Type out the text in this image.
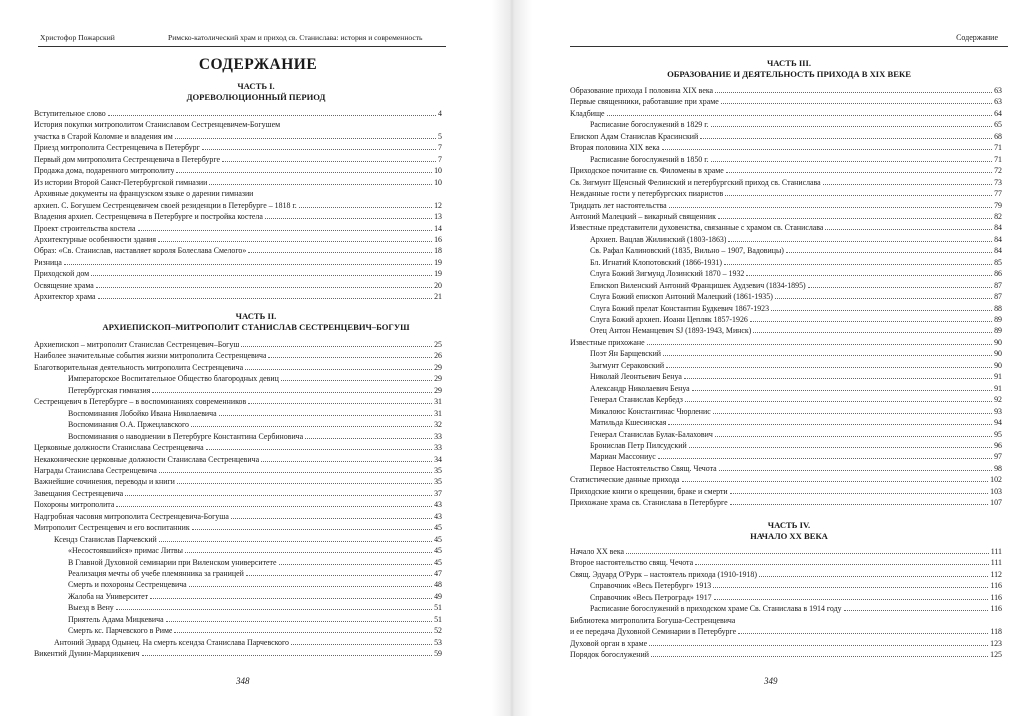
Христофор Пожарский	Римско-католический храм и приход св. Станислава: история и современность
СОДЕРЖАНИЕ
ЧАСТЬ I.
ДОРЕВОЛЮЦИОННЫЙ ПЕРИОД
Вступительное слово	4
История покупки митрополитом Станиславом Сестренцевичем-Богушем
участка в Старой Коломне и владения им	5
Приезд митрополита Сестренцевича в Петербург	7
Первый дом митрополита Сестренцевича в Петербурге	7
Продажа дома, подаренного митрополиту	10
Из истории Второй Санкт-Петербургской гимназии	10
Архивные документы на французском языке о дарении гимназии
архиеп. С. Богушем Сестренцевичем своей резиденции в Петербурге – 1818 г.	12
Владения архиеп. Сестренцевича в Петербурге и постройка костела	13
Проект строительства костела	14
Архитектурные особенности здания	16
Образ: «Св. Станислав, наставляет короля Болеслава Смелого»	18
Ризница	19
Приходской дом	19
Освящение храма	20
Архитектор храма	21
ЧАСТЬ II.
АРХИЕПИСКОП–МИТРОПОЛИТ СТАНИСЛАВ СЕСТРЕНЦЕВИЧ–БОГУШ
Архиепископ – митрополит Станислав Сестренцевич–Богуш	25
Наиболее значительные события жизни митрополита Сестренцевича	26
Благотворительная деятельность митрополита Сестренцевича	29
Императорское Воспитательное Общество благородных девиц	29
Петербургская гимназия	29
Сестренцевич в Петербурге – в воспоминаниях современников	31
Воспоминания Лобойко Ивана Николаевича	31
Воспоминания О.А. Пржецлавского	32
Воспоминания о наводнении в Петербурге Константина Сербиновича	33
Церковные должности Станислава Сестренцевича	33
Некаконические церковные должности Станислава Сестренцевича	34
Награды Станислава Сестренцевича	35
Важнейшие сочинения, переводы и книги	35
Завещания Сестренцевича	37
Похороны митрополита	43
Надгробная часовня митрополита Сестренцевича-Богуша	43
Митрополит Сестренцевич и его воспитанник	45
Ксендз Станислав Парчевский	45
«Несостоявшийся» примас Литвы	45
В Главной Духовной семинарии при Виленском университете	45
Реализация мечты об учебе племянника за границей	47
Смерть и похороны Сестренцевича	48
Жалоба на Университет	49
Выезд в Вену	51
Приятель Адама Мицкевича	51
Смерть кс. Парчевского в Риме	52
Антоний Эдвард Одынец. На смерть ксендза Станислава Парчевского	53
Викентий Дунин-Марцинкевич	59
348
Содержание
ЧАСТЬ III.
ОБРАЗОВАНИЕ И ДЕЯТЕЛЬНОСТЬ ПРИХОДА В XIX ВЕКЕ
Образование прихода I половина XIX века	63
Первые священники, работавшие при храме	63
Кладбище	64
Расписание богослужений в 1829 г.	65
Епископ Адам Станислав Красинский	68
Вторая половина XIX века	71
Расписание богослужений в 1850 г.	71
Приходское почитание св. Филомены в храме	72
Св. Зигмунт Щенсный Фелинский и петербургский приход св. Станислава	73
Нежданные гости у петербургских пиаристов	77
Тридцать лет настоятельства	79
Антоний Малецкий – викарный священник	82
Известные представители духовенства, связанные с храмом св. Станислава	84
Архиеп. Вацлав Жилинский (1803-1863)	84
Св. Рафал Калиновский (1835, Вильно – 1907, Вадовицы)	84
Бл. Игнатий Клопотовский (1866-1931)	85
Слуга Божий Зигмунд Лозинский 1870 – 1932	86
Епископ Виленский Антоний Францишек Аудзевич (1834-1895)	87
Слуга Божий епископ Антоний Малецкий (1861-1935)	87
Слуга Божий прелат Константин Будкевич 1867-1923	88
Слуга Божий архиеп. Иоанн Цепляк 1857-1926	89
Отец Антон Неманцевич SJ (1893-1943, Минск)	89
Известные прихожане	90
Поэт Ян Барщевский	90
Зыгмунт Сераковский	90
Николай Леонтьевич Бенуа	91
Александр Николаевич Бенуа	91
Генерал Станислав Кербедз	92
Микалоюс Константинас Чюрленис	93
Матильда Кшесинская	94
Генерал Станислав Булак-Балахович	95
Бронислав Петр Пилсудский	96
Мариан Массониус	97
Первое Настоятельство Свящ. Чечота	98
Статистические данные прихода	102
Приходские книги о крещении, браке и смерти	103
Прихожане храма св. Станислава в Петербурге	107
ЧАСТЬ IV.
НАЧАЛО XX ВЕКА
Начало XX века	111
Второе настоятельство свящ. Чечота	111
Свящ. Эдуард О'Рурк – настоятель прихода (1910-1918)	112
Справочник «Весь Петербург» 1913	116
Справочник «Весь Петроград» 1917	116
Расписание богослужений в приходском храме Св. Станислава в 1914 году	116
Библиотека митрополита Богуша-Сестренцевича
и ее передача Духовной Семинарии в Петербурге	118
Духовой орган в храме	123
Порядок богослужений	125
349
